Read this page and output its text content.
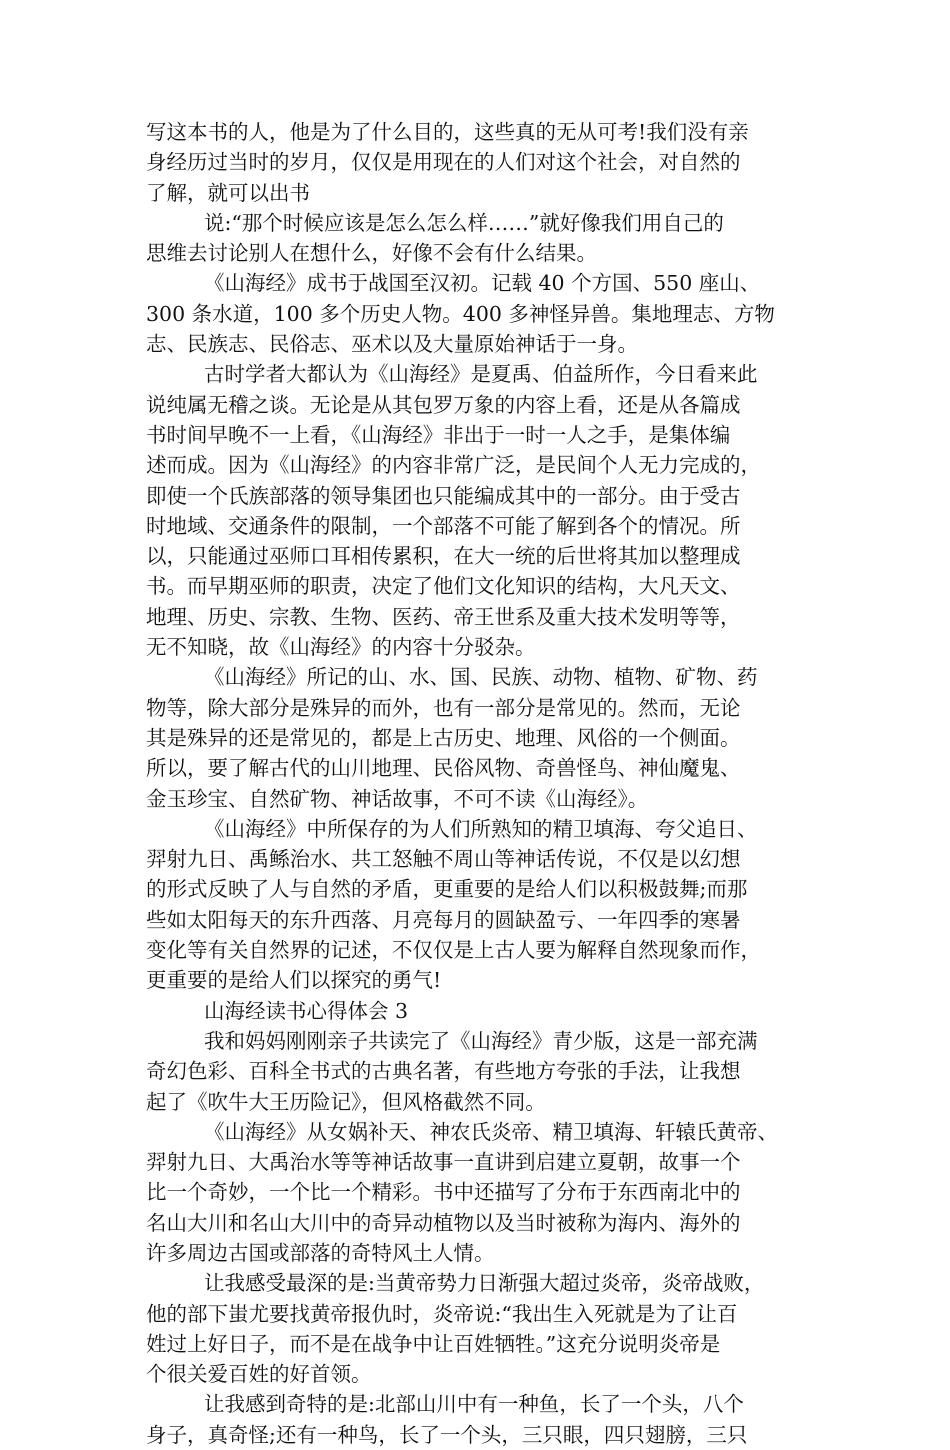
写这本书的人，他是为了什么目的，这些真的无从可考!我们没有亲
身经历过当时的岁月，仅仅是用现在的人们对这个社会，对自然的
了解，就可以出书
说:“那个时候应该是怎么怎么样……”就好像我们用自己的
思维去讨论别人在想什么，好像不会有什么结果。
《山海经》成书于战国至汉初。记载 40 个方国、550 座山、
300 条水道，100 多个历史人物。400 多神怪异兽。集地理志、方物
志、民族志、民俗志、巫术以及大量原始神话于一身。
古时学者大都认为《山海经》是夏禹、伯益所作，今日看来此
说纯属无稽之谈。无论是从其包罗万象的内容上看，还是从各篇成
书时间早晚不一上看，《山海经》非出于一时一人之手，是集体编
述而成。因为《山海经》的内容非常广泛，是民间个人无力完成的，
即使一个氏族部落的领导集团也只能编成其中的一部分。由于受古
时地域、交通条件的限制，一个部落不可能了解到各个的情况。所
以，只能通过巫师口耳相传累积，在大一统的后世将其加以整理成
书。而早期巫师的职责，决定了他们文化知识的结构，大凡天文、
地理、历史、宗教、生物、医药、帝王世系及重大技术发明等等，
无不知晓，故《山海经》的内容十分驳杂。
《山海经》所记的山、水、国、民族、动物、植物、矿物、药
物等，除大部分是殊异的而外，也有一部分是常见的。然而，无论
其是殊异的还是常见的，都是上古历史、地理、风俗的一个侧面。
所以，要了解古代的山川地理、民俗风物、奇兽怪鸟、神仙魔鬼、
金玉珍宝、自然矿物、神话故事，不可不读《山海经》。
《山海经》中所保存的为人们所熟知的精卫填海、夸父追日、
羿射九日、禹鲧治水、共工怒触不周山等神话传说，不仅是以幻想
的形式反映了人与自然的矛盾，更重要的是给人们以积极鼓舞;而那
些如太阳每天的东升西落、月亮每月的圆缺盈亏、一年四季的寒暑
变化等有关自然界的记述，不仅仅是上古人要为解释自然现象而作，
更重要的是给人们以探究的勇气!
山海经读书心得体会 3
我和妈妈刚刚亲子共读完了《山海经》青少版，这是一部充满
奇幻色彩、百科全书式的古典名著，有些地方夸张的手法，让我想
起了《吹牛大王历险记》，但风格截然不同。
《山海经》从女娲补天、神农氏炎帝、精卫填海、轩辕氏黄帝、
羿射九日、大禹治水等等神话故事一直讲到启建立夏朝，故事一个
比一个奇妙，一个比一个精彩。书中还描写了分布于东西南北中的
名山大川和名山大川中的奇异动植物以及当时被称为海内、海外的
许多周边古国或部落的奇特风土人情。
让我感受最深的是:当黄帝势力日渐强大超过炎帝，炎帝战败，
他的部下蚩尤要找黄帝报仇时，炎帝说:“我出生入死就是为了让百
姓过上好日子，而不是在战争中让百姓牺牲。”这充分说明炎帝是
个很关爱百姓的好首领。
让我感到奇特的是:北部山川中有一种鱼，长了一个头，八个
身子，真奇怪;还有一种鸟，长了一个头，三只眼，四只翅膀，三只
